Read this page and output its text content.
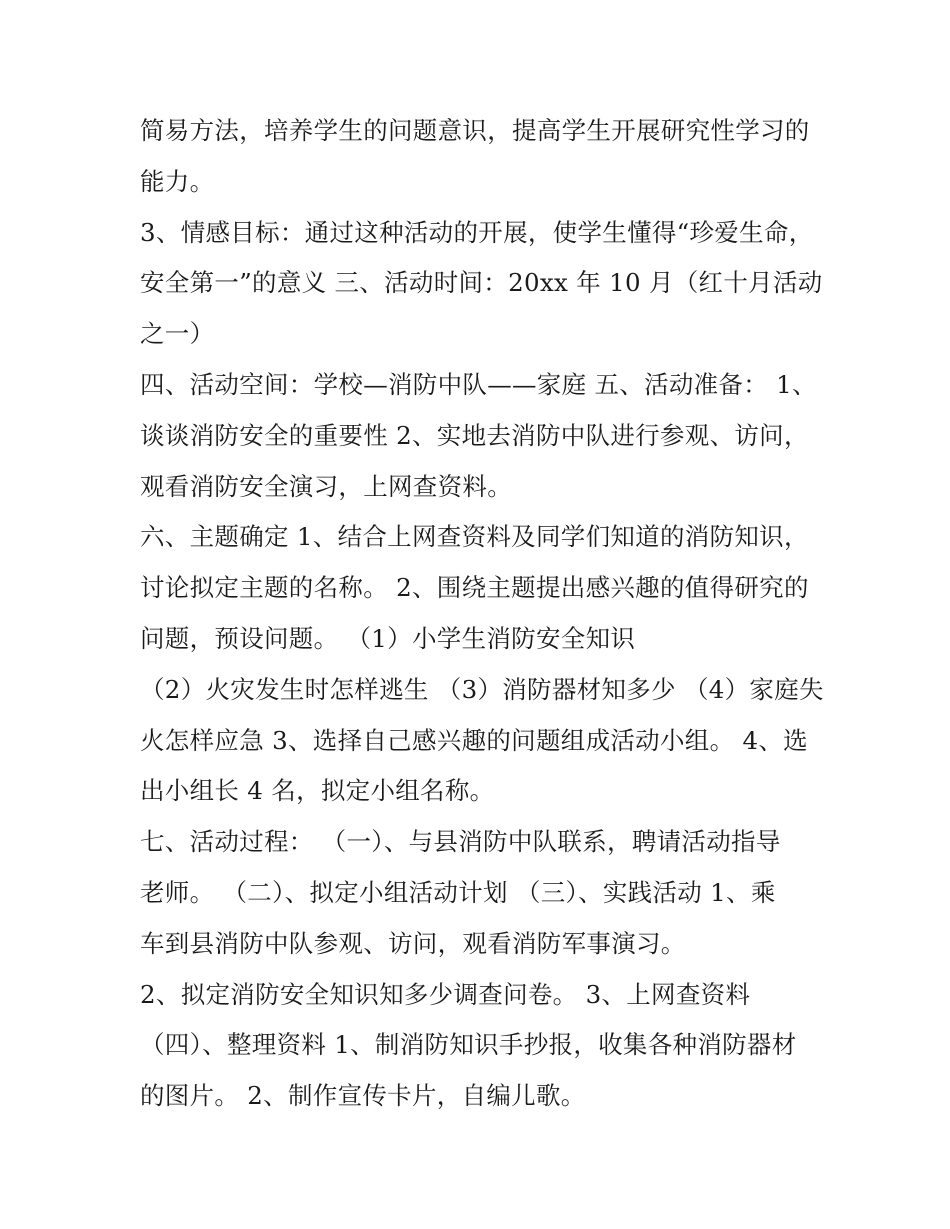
简易方法，培养学生的问题意识，提高学生开展研究性学习的
能力。
3、情感目标：通过这种活动的开展，使学生懂得“珍爱生命，
安全第一”的意义 三、活动时间：20xx 年 10 月（红十月活动
之一）
四、活动空间：学校—消防中队——家庭 五、活动准备： 1、
谈谈消防安全的重要性 2、实地去消防中队进行参观、访问，
观看消防安全演习，上网查资料。
六、主题确定 1、结合上网查资料及同学们知道的消防知识，
讨论拟定主题的名称。 2、围绕主题提出感兴趣的值得研究的
问题，预设问题。 （1）小学生消防安全知识
（2）火灾发生时怎样逃生 （3）消防器材知多少 （4）家庭失
火怎样应急 3、选择自己感兴趣的问题组成活动小组。 4、选
出小组长 4 名，拟定小组名称。
七、活动过程： （一）、与县消防中队联系，聘请活动指导
老师。 （二）、拟定小组活动计划 （三）、实践活动 1、乘
车到县消防中队参观、访问，观看消防军事演习。
2、拟定消防安全知识知多少调查问卷。 3、上网查资料
（四）、整理资料 1、制消防知识手抄报，收集各种消防器材
的图片。 2、制作宣传卡片，自编儿歌。
